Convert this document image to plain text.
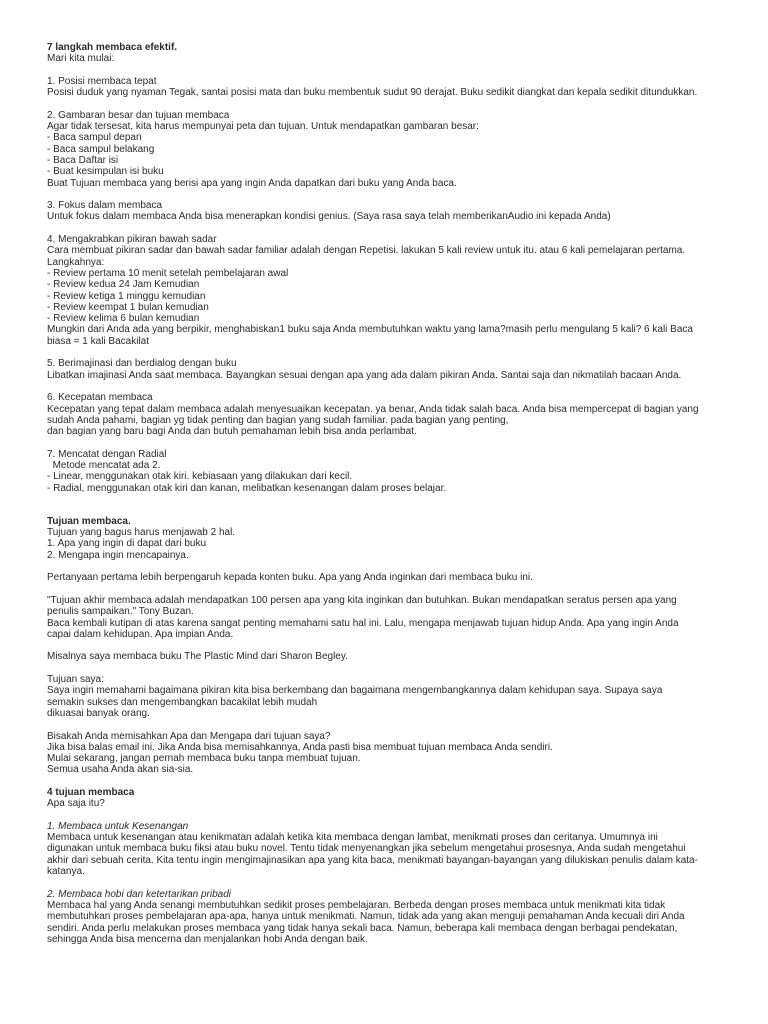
7 langkah membaca efektif.
Mari kita mulai:
1. Posisi membaca tepat
Posisi duduk yang nyaman Tegak, santai posisi mata dan buku membentuk sudut 90 derajat. Buku sedikit diangkat dan kepala sedikit ditundukkan.
2. Gambaran besar dan tujuan membaca
Agar tidak tersesat, kita harus mempunyai peta dan tujuan. Untuk mendapatkan gambaran besar:
- Baca sampul depan
- Baca sampul belakang
- Baca Daftar isi
- Buat kesimpulan isi buku
Buat Tujuan membaca yang berisi apa yang ingin Anda dapatkan dari buku yang Anda baca.
3. Fokus dalam membaca
Untuk fokus dalam membaca Anda bisa menerapkan kondisi genius. (Saya rasa saya telah memberikanAudio ini kepada Anda)
4. Mengakrabkan pikiran bawah sadar
Cara membuat pikiran sadar dan bawah sadar familiar adalah dengan Repetisi. lakukan 5 kali review untuk itu. atau 6 kali pemelajaran pertama.
Langkahnya:
- Review pertama 10 menit setelah pembelajaran awal
- Review kedua 24 Jam Kemudian
- Review ketiga 1 minggu kemudian
- Review keempat 1 bulan kemudian
- Review kelima 6 bulan kemudian
Mungkin dari Anda ada yang berpikir, menghabiskan1 buku saja Anda membutuhkan waktu yang lama?masih perlu mengulang 5 kali? 6 kali Baca
biasa = 1 kali Bacakilat
5. Berimajinasi dan berdialog dengan buku
Libatkan imajinasi Anda saat membaca. Bayangkan sesuai dengan apa yang ada dalam pikiran Anda. Santai saja dan nikmatilah bacaan Anda.
6. Kecepatan membaca
Kecepatan yang tepat dalam membaca adalah menyesuaikan kecepatan. ya benar, Anda tidak salah baca. Anda bisa mempercepat di bagian yang
sudah Anda pahami, bagian yg tidak penting dan bagian yang sudah familiar. pada bagian yang penting,
dan bagian yang baru bagi Anda dan butuh pemahaman lebih bisa anda perlambat.
7. Mencatat dengan Radial
Metode mencatat ada 2.
- Linear, menggunakan otak kiri. kebiasaan yang dilakukan dari kecil.
- Radial, menggunakan otak kiri dan kanan, melibatkan kesenangan dalam proses belajar.
Tujuan membaca.
Tujuan yang bagus harus menjawab 2 hal.
1. Apa yang ingin di dapat dari buku
2. Mengapa ingin mencapainya.
Pertanyaan pertama lebih berpengaruh kepada konten buku. Apa yang Anda inginkan dari membaca buku ini.
"Tujuan akhir membaca adalah mendapatkan 100 persen apa yang kita inginkan dan butuhkan. Bukan mendapatkan seratus persen apa yang
penulis sampaikan." Tony Buzan.
Baca kembali kutipan di atas karena sangat penting memahami satu hal ini. Lalu, mengapa menjawab tujuan hidup Anda. Apa yang ingin Anda
capai dalam kehidupan. Apa impian Anda.
Misalnya saya membaca buku The Plastic Mind dari Sharon Begley.
Tujuan saya:
Saya ingin memahami bagaimana pikiran kita bisa berkembang dan bagaimana mengembangkannya dalam kehidupan saya. Supaya saya
semakin sukses dan mengembangkan bacakilat lebih mudah
dikuasai banyak orang.
Bisakah Anda memisahkan Apa dan Mengapa dari tujuan saya?
Jika bisa balas email ini. Jika Anda bisa memisahkannya, Anda pasti bisa membuat tujuan membaca Anda sendiri.
Mulai sekarang, jangan pernah membaca buku tanpa membuat tujuan.
Semua usaha Anda akan sia-sia.
4 tujuan membaca
Apa saja itu?
1. Membaca untuk Kesenangan
Membaca untuk kesenangan atau kenikmatan adalah ketika kita membaca dengan lambat, menikmati proses dan ceritanya. Umumnya ini
digunakan untuk membaca buku fiksi atau buku novel. Tentu tidak menyenangkan jika sebelum mengetahui prosesnya, Anda sudah mengetahui
akhir dari sebuah cerita. Kita tentu ingin mengimajinasikan apa yang kita baca, menikmati bayangan-bayangan yang dilukiskan penulis dalam kata-
katanya.
2. Membaca hobi dan ketertarikan pribadi
Membaca hal yang Anda senangi membutuhkan sedikit proses pembelajaran. Berbeda dengan proses membaca untuk menikmati kita tidak
membutuhkan proses pembelajaran apa-apa, hanya untuk menikmati. Namun, tidak ada yang akan menguji pemahaman Anda kecuali diri Anda
sendiri. Anda perlu melakukan proses membaca yang tidak hanya sekali baca. Namun, beberapa kali membaca dengan berbagai pendekatan,
sehingga Anda bisa mencerna dan menjalankan hobi Anda dengan baik.
